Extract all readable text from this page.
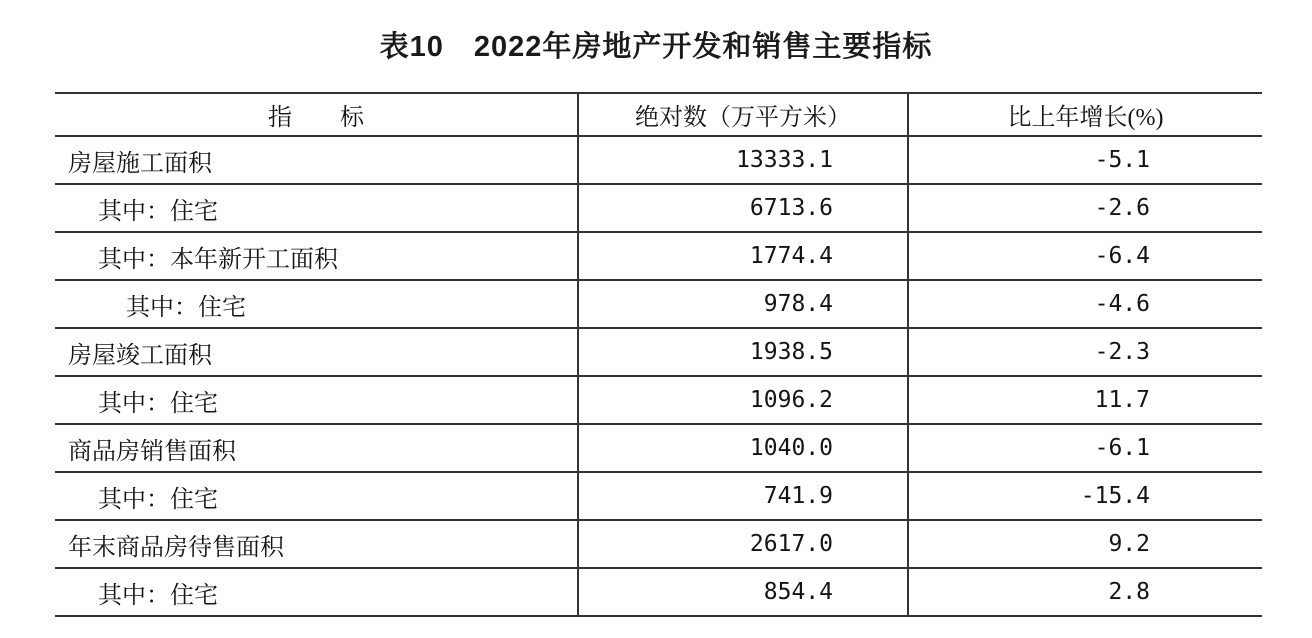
表10　2022年房地产开发和销售主要指标
指　　标	绝对数（万平方米）	比上年增长(%)
房屋施工面积	13333.1	-5.1
其中：住宅	6713.6	-2.6
其中：本年新开工面积	1774.4	-6.4
其中：住宅	978.4	-4.6
房屋竣工面积	1938.5	-2.3
其中：住宅	1096.2	11.7
商品房销售面积	1040.0	-6.1
其中：住宅	741.9	-15.4
年末商品房待售面积	2617.0	9.2
其中：住宅	854.4	2.8
